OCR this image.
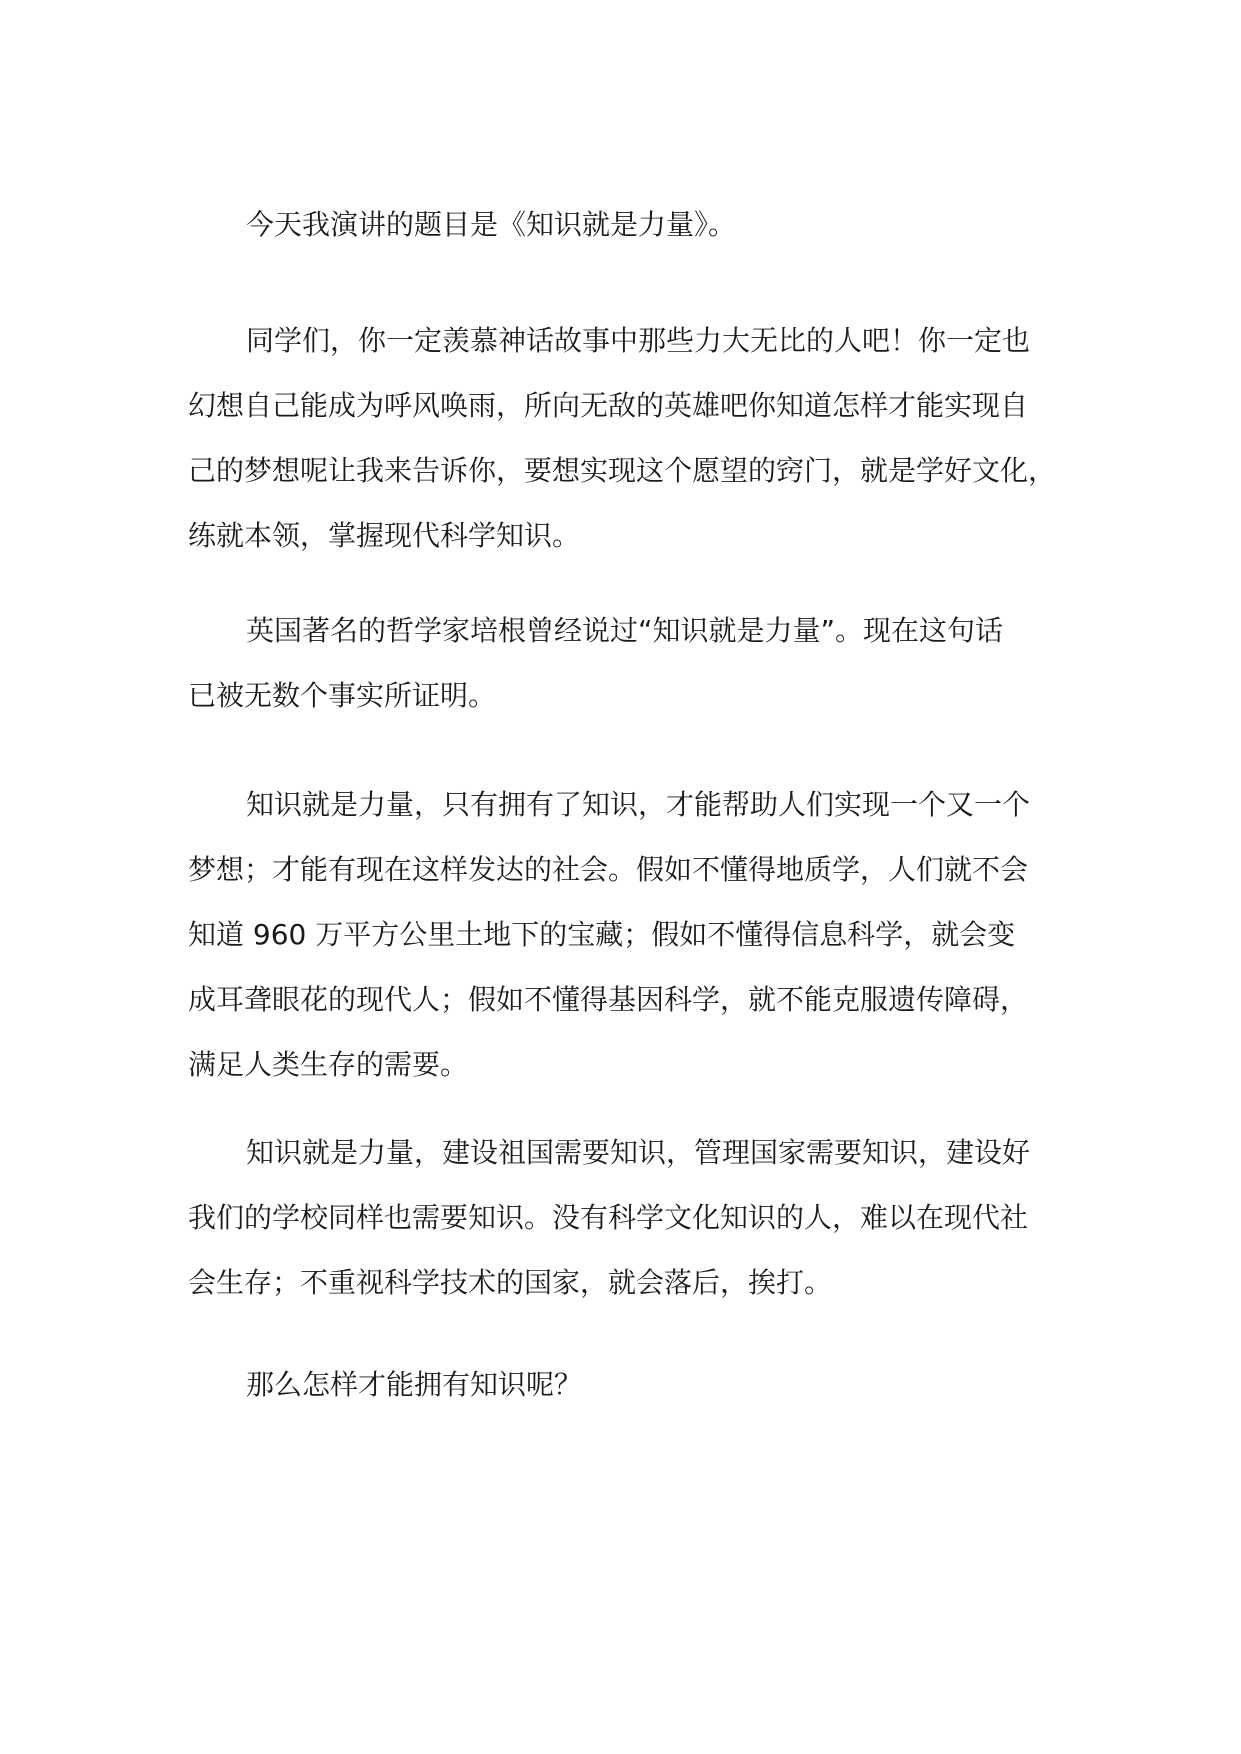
今天我演讲的题目是《知识就是力量》。

同学们，你一定羡慕神话故事中那些力大无比的人吧！你一定也
幻想自己能成为呼风唤雨，所向无敌的英雄吧你知道怎样才能实现自
己的梦想呢让我来告诉你，要想实现这个愿望的窍门，就是学好文化，
练就本领，掌握现代科学知识。

英国著名的哲学家培根曾经说过“知识就是力量”。现在这句话
已被无数个事实所证明。

知识就是力量，只有拥有了知识，才能帮助人们实现一个又一个
梦想；才能有现在这样发达的社会。假如不懂得地质学，人们就不会
知道 960 万平方公里土地下的宝藏；假如不懂得信息科学，就会变
成耳聋眼花的现代人；假如不懂得基因科学，就不能克服遗传障碍，
满足人类生存的需要。

知识就是力量，建设祖国需要知识，管理国家需要知识，建设好
我们的学校同样也需要知识。没有科学文化知识的人，难以在现代社
会生存；不重视科学技术的国家，就会落后，挨打。

那么怎样才能拥有知识呢？
